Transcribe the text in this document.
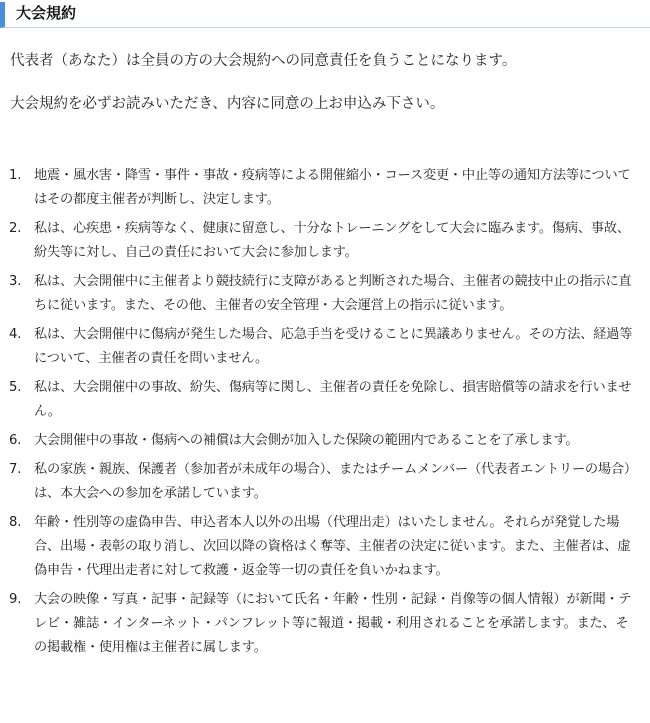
大会規約
代表者（あなた）は全員の方の大会規約への同意責任を負うことになります。
大会規約を必ずお読みいただき、内容に同意の上お申込み下さい。
1. 地震・風水害・降雪・事件・事故・疫病等による開催縮小・コース変更・中止等の通知方法等についてはその都度主催者が判断し、決定します。
2. 私は、心疾患・疾病等なく、健康に留意し、十分なトレーニングをして大会に臨みます。傷病、事故、紛失等に対し、自己の責任において大会に参加します。
3. 私は、大会開催中に主催者より競技続行に支障があると判断された場合、主催者の競技中止の指示に直ちに従います。また、その他、主催者の安全管理・大会運営上の指示に従います。
4. 私は、大会開催中に傷病が発生した場合、応急手当を受けることに異議ありません。その方法、経過等について、主催者の責任を問いません。
5. 私は、大会開催中の事故、紛失、傷病等に関し、主催者の責任を免除し、損害賠償等の請求を行いません。
6. 大会開催中の事故・傷病への補償は大会側が加入した保険の範囲内であることを了承します。
7. 私の家族・親族、保護者（参加者が未成年の場合）、またはチームメンバー（代表者エントリーの場合）は、本大会への参加を承諾しています。
8. 年齢・性別等の虚偽申告、申込者本人以外の出場（代理出走）はいたしません。それらが発覚した場合、出場・表彰の取り消し、次回以降の資格はく奪等、主催者の決定に従います。また、主催者は、虚偽申告・代理出走者に対して救護・返金等一切の責任を負いかねます。
9. 大会の映像・写真・記事・記録等（において氏名・年齢・性別・記録・肖像等の個人情報）が新聞・テレビ・雑誌・インターネット・パンフレット等に報道・掲載・利用されることを承諾します。また、その掲載権・使用権は主催者に属します。
